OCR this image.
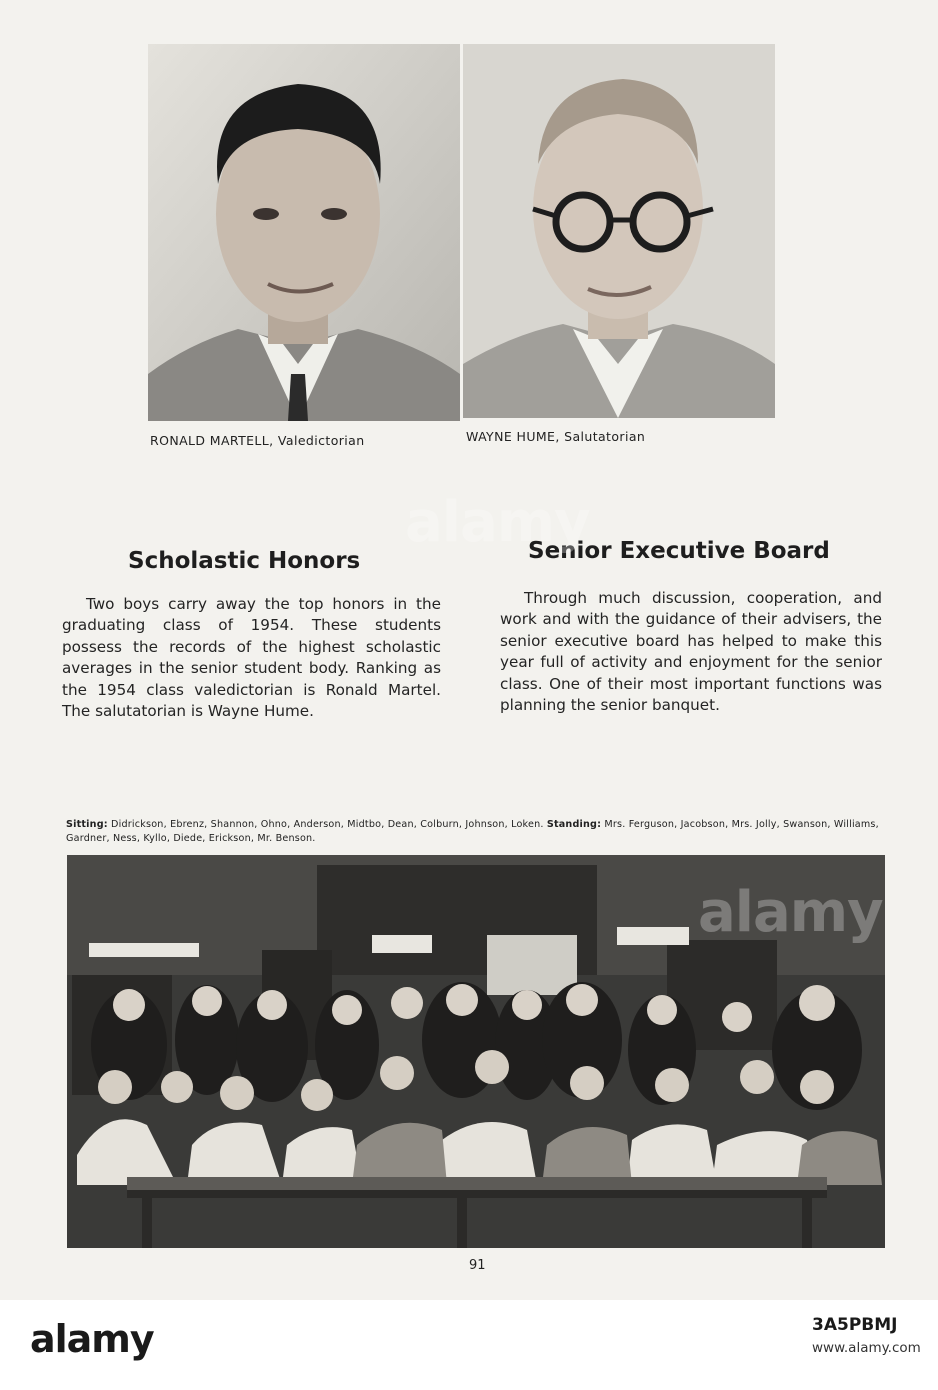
RONALD MARTELL, Valedictorian	WAYNE HUME, Salutatorian
Scholastic Honors	Senior Executive Board

Two boys carry away the top honors in the graduating class of 1954. These students possess the records of the highest scholastic averages in the senior student body. Ranking as the 1954 class valedictorian is Ronald Martel. The salutatorian is Wayne Hume.

Through much discussion, cooperation, and work and with the guidance of their advisers, the senior executive board has helped to make this year full of activity and enjoyment for the senior class. One of their most important functions was planning the senior banquet.

Sitting: Didrickson, Ebrenz, Shannon, Ohno, Anderson, Midtbo, Dean, Colburn, Johnson, Loken. Standing: Mrs. Ferguson, Jacobson, Mrs. Jolly, Swanson, Williams, Gardner, Ness, Kyllo, Diede, Erickson, Mr. Benson.
91
alamy
alamy
alamy	3A5PBMJ
www.alamy.com
